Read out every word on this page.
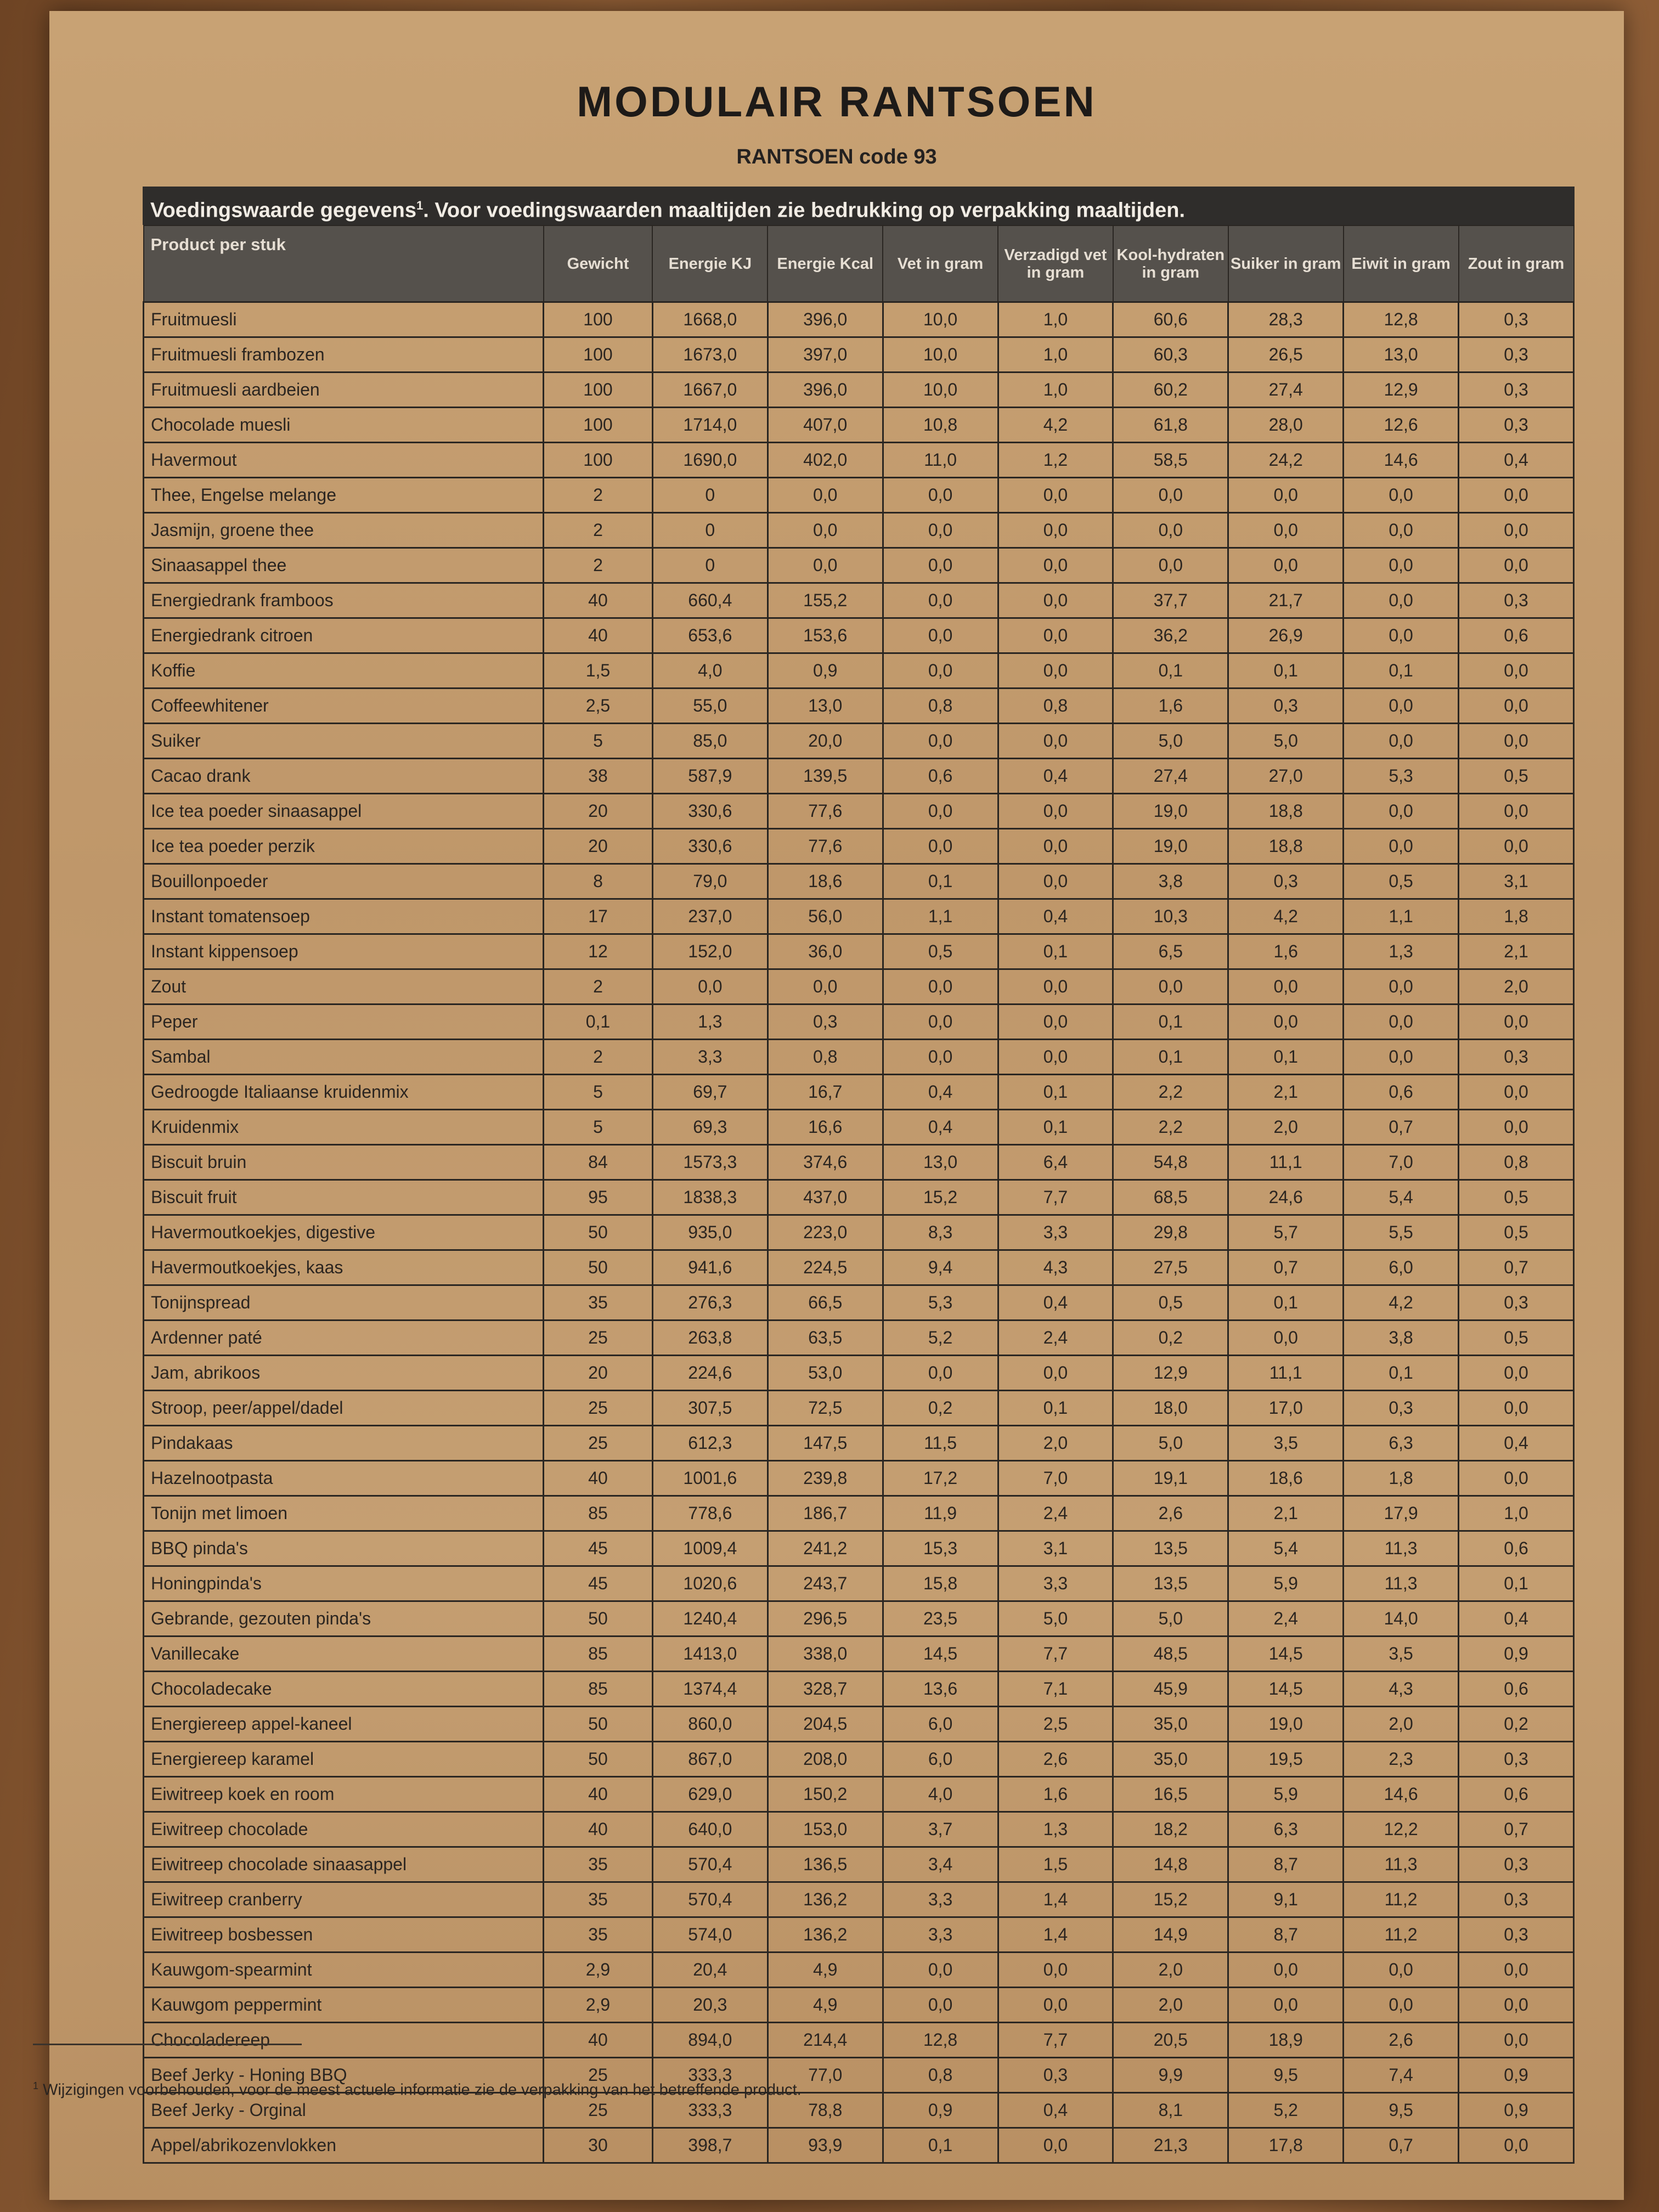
MODULAIR RANTSOEN
RANTSOEN code 93
Voedingswaarde gegevens$^1$. Voor voedingswaarden maaltijden zie bedrukking op verpakking maaltijden.
Product per stuk	Gewicht	Energie KJ	Energie Kcal	Vet in gram	Verzadigd vet in gram	Kool-hydraten in gram	Suiker in gram	Eiwit in gram	Zout in gram
Fruitmuesli	100	1668,0	396,0	10,0	1,0	60,6	28,3	12,8	0,3
Fruitmuesli frambozen	100	1673,0	397,0	10,0	1,0	60,3	26,5	13,0	0,3
Fruitmuesli aardbeien	100	1667,0	396,0	10,0	1,0	60,2	27,4	12,9	0,3
Chocolade muesli	100	1714,0	407,0	10,8	4,2	61,8	28,0	12,6	0,3
Havermout	100	1690,0	402,0	11,0	1,2	58,5	24,2	14,6	0,4
Thee, Engelse melange	2	0	0,0	0,0	0,0	0,0	0,0	0,0	0,0
Jasmijn, groene thee	2	0	0,0	0,0	0,0	0,0	0,0	0,0	0,0
Sinaasappel thee	2	0	0,0	0,0	0,0	0,0	0,0	0,0	0,0
Energiedrank framboos	40	660,4	155,2	0,0	0,0	37,7	21,7	0,0	0,3
Energiedrank citroen	40	653,6	153,6	0,0	0,0	36,2	26,9	0,0	0,6
Koffie	1,5	4,0	0,9	0,0	0,0	0,1	0,1	0,1	0,0
Coffeewhitener	2,5	55,0	13,0	0,8	0,8	1,6	0,3	0,0	0,0
Suiker	5	85,0	20,0	0,0	0,0	5,0	5,0	0,0	0,0
Cacao drank	38	587,9	139,5	0,6	0,4	27,4	27,0	5,3	0,5
Ice tea poeder sinaasappel	20	330,6	77,6	0,0	0,0	19,0	18,8	0,0	0,0
Ice tea poeder perzik	20	330,6	77,6	0,0	0,0	19,0	18,8	0,0	0,0
Bouillonpoeder	8	79,0	18,6	0,1	0,0	3,8	0,3	0,5	3,1
Instant tomatensoep	17	237,0	56,0	1,1	0,4	10,3	4,2	1,1	1,8
Instant kippensoep	12	152,0	36,0	0,5	0,1	6,5	1,6	1,3	2,1
Zout	2	0,0	0,0	0,0	0,0	0,0	0,0	0,0	2,0
Peper	0,1	1,3	0,3	0,0	0,0	0,1	0,0	0,0	0,0
Sambal	2	3,3	0,8	0,0	0,0	0,1	0,1	0,0	0,3
Gedroogde Italiaanse kruidenmix	5	69,7	16,7	0,4	0,1	2,2	2,1	0,6	0,0
Kruidenmix	5	69,3	16,6	0,4	0,1	2,2	2,0	0,7	0,0
Biscuit bruin	84	1573,3	374,6	13,0	6,4	54,8	11,1	7,0	0,8
Biscuit fruit	95	1838,3	437,0	15,2	7,7	68,5	24,6	5,4	0,5
Havermoutkoekjes, digestive	50	935,0	223,0	8,3	3,3	29,8	5,7	5,5	0,5
Havermoutkoekjes, kaas	50	941,6	224,5	9,4	4,3	27,5	0,7	6,0	0,7
Tonijnspread	35	276,3	66,5	5,3	0,4	0,5	0,1	4,2	0,3
Ardenner paté	25	263,8	63,5	5,2	2,4	0,2	0,0	3,8	0,5
Jam, abrikoos	20	224,6	53,0	0,0	0,0	12,9	11,1	0,1	0,0
Stroop, peer/appel/dadel	25	307,5	72,5	0,2	0,1	18,0	17,0	0,3	0,0
Pindakaas	25	612,3	147,5	11,5	2,0	5,0	3,5	6,3	0,4
Hazelnootpasta	40	1001,6	239,8	17,2	7,0	19,1	18,6	1,8	0,0
Tonijn met limoen	85	778,6	186,7	11,9	2,4	2,6	2,1	17,9	1,0
BBQ pinda's	45	1009,4	241,2	15,3	3,1	13,5	5,4	11,3	0,6
Honingpinda's	45	1020,6	243,7	15,8	3,3	13,5	5,9	11,3	0,1
Gebrande, gezouten pinda's	50	1240,4	296,5	23,5	5,0	5,0	2,4	14,0	0,4
Vanillecake	85	1413,0	338,0	14,5	7,7	48,5	14,5	3,5	0,9
Chocoladecake	85	1374,4	328,7	13,6	7,1	45,9	14,5	4,3	0,6
Energiereep appel-kaneel	50	860,0	204,5	6,0	2,5	35,0	19,0	2,0	0,2
Energiereep karamel	50	867,0	208,0	6,0	2,6	35,0	19,5	2,3	0,3
Eiwitreep koek en room	40	629,0	150,2	4,0	1,6	16,5	5,9	14,6	0,6
Eiwitreep chocolade	40	640,0	153,0	3,7	1,3	18,2	6,3	12,2	0,7
Eiwitreep chocolade sinaasappel	35	570,4	136,5	3,4	1,5	14,8	8,7	11,3	0,3
Eiwitreep cranberry	35	570,4	136,2	3,3	1,4	15,2	9,1	11,2	0,3
Eiwitreep bosbessen	35	574,0	136,2	3,3	1,4	14,9	8,7	11,2	0,3
Kauwgom-spearmint	2,9	20,4	4,9	0,0	0,0	2,0	0,0	0,0	0,0
Kauwgom peppermint	2,9	20,3	4,9	0,0	0,0	2,0	0,0	0,0	0,0
Chocoladereep	40	894,0	214,4	12,8	7,7	20,5	18,9	2,6	0,0
Beef Jerky - Honing BBQ	25	333,3	77,0	0,8	0,3	9,9	9,5	7,4	0,9
Beef Jerky - Orginal	25	333,3	78,8	0,9	0,4	8,1	5,2	9,5	0,9
Appel/abrikozenvlokken	30	398,7	93,9	0,1	0,0	21,3	17,8	0,7	0,0
$^1$ Wijzigingen voorbehouden, voor de meest actuele informatie zie de verpakking van het betreffende product.
